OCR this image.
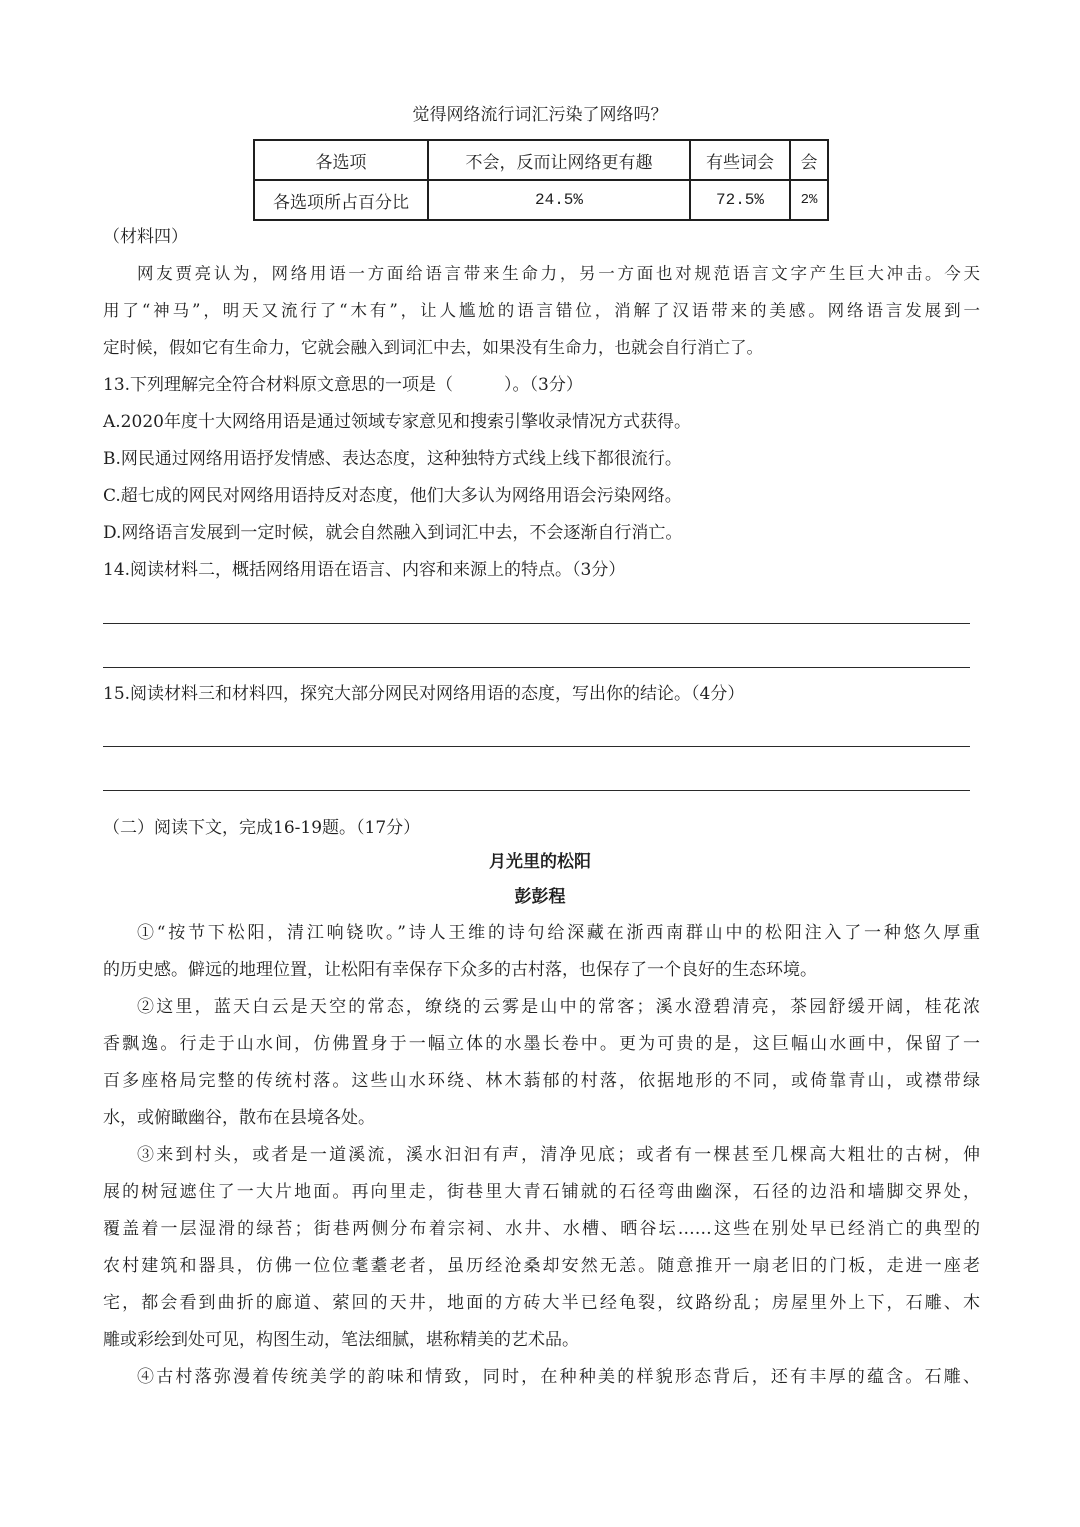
觉得网络流行词汇污染了网络吗？
各选项	不会，反而让网络更有趣	有些词会	会
各选项所占百分比	24.5%	72.5%	2%
（材料四）
网友贾亮认为，网络用语一方面给语言带来生命力，另一方面也对规范语言文字产生巨大冲击。今天
用了“神马”，明天又流行了“木有”，让人尴尬的语言错位，消解了汉语带来的美感。网络语言发展到一
定时候，假如它有生命力，它就会融入到词汇中去，如果没有生命力，也就会自行消亡了。
13.下列理解完全符合材料原文意思的一项是（　　　）。（3分）
A.2020年度十大网络用语是通过领域专家意见和搜索引擎收录情况方式获得。
B.网民通过网络用语抒发情感、表达态度，这种独特方式线上线下都很流行。
C.超七成的网民对网络用语持反对态度，他们大多认为网络用语会污染网络。
D.网络语言发展到一定时候，就会自然融入到词汇中去，不会逐渐自行消亡。
14.阅读材料二，概括网络用语在语言、内容和来源上的特点。（3分）
15.阅读材料三和材料四，探究大部分网民对网络用语的态度，写出你的结论。（4分）
（二）阅读下文，完成16-19题。（17分）
月光里的松阳
彭彭程
①“按节下松阳，清江响铙吹。”诗人王维的诗句给深藏在浙西南群山中的松阳注入了一种悠久厚重
的历史感。僻远的地理位置，让松阳有幸保存下众多的古村落，也保存了一个良好的生态环境。
②这里，蓝天白云是天空的常态，缭绕的云雾是山中的常客；溪水澄碧清亮，茶园舒缓开阔，桂花浓
香飘逸。行走于山水间，仿佛置身于一幅立体的水墨长卷中。更为可贵的是，这巨幅山水画中，保留了一
百多座格局完整的传统村落。这些山水环绕、林木蓊郁的村落，依据地形的不同，或倚靠青山，或襟带绿
水，或俯瞰幽谷，散布在县境各处。
③来到村头，或者是一道溪流，溪水汩汩有声，清净见底；或者有一棵甚至几棵高大粗壮的古树，伸
展的树冠遮住了一大片地面。再向里走，街巷里大青石铺就的石径弯曲幽深，石径的边沿和墙脚交界处，
覆盖着一层湿滑的绿苔；街巷两侧分布着宗祠、水井、水槽、晒谷坛……这些在别处早已经消亡的典型的
农村建筑和器具，仿佛一位位耄耋老者，虽历经沧桑却安然无恙。随意推开一扇老旧的门板，走进一座老
宅，都会看到曲折的廊道、萦回的天井，地面的方砖大半已经龟裂，纹路纷乱；房屋里外上下，石雕、木
雕或彩绘到处可见，构图生动，笔法细腻，堪称精美的艺术品。
④古村落弥漫着传统美学的韵味和情致，同时，在种种美的样貌形态背后，还有丰厚的蕴含。石雕、
